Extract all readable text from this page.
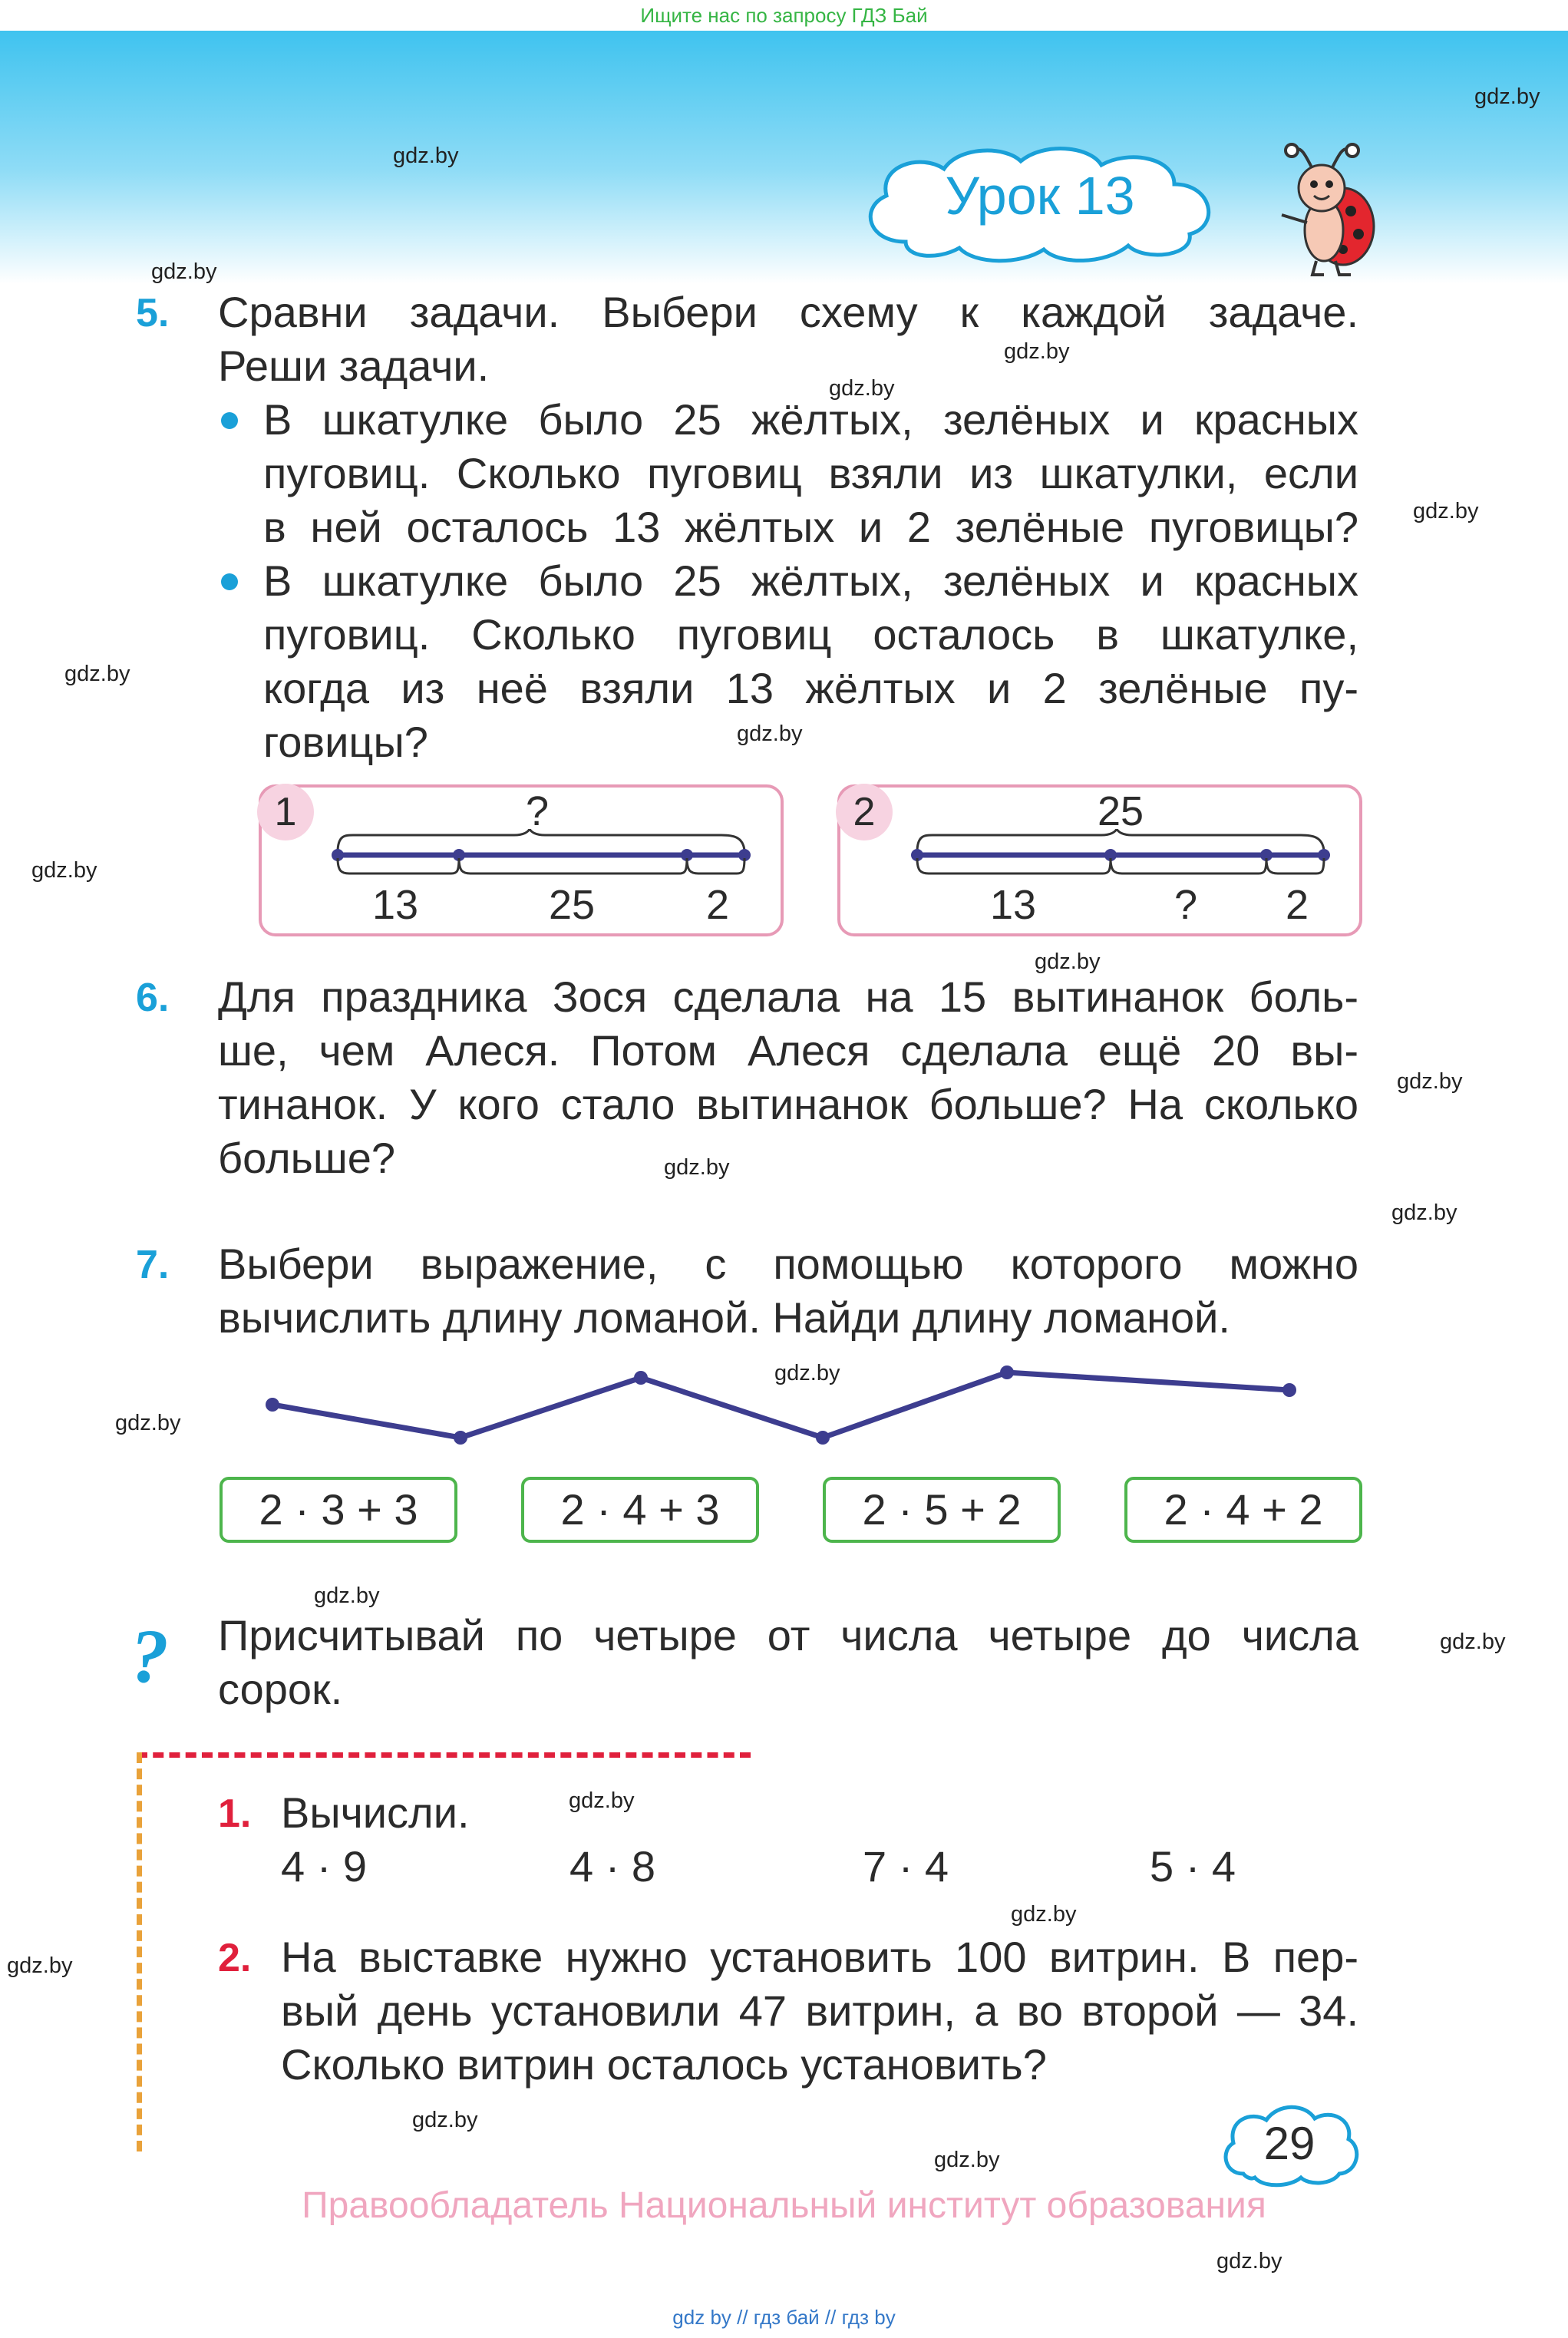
Ищите нас по запросу ГДЗ Бай
Урок 13
gdz.by
gdz.by
gdz.by
gdz.by
gdz.by
gdz.by
gdz.by
gdz.by
gdz.by
gdz.by
gdz.by
gdz.by
gdz.by
gdz.by
gdz.by
gdz.by
gdz.by
gdz.by
gdz.by
gdz.by
gdz.by
gdz.by
gdz.by
5. Сравни задачи. Выбери схему к каждой задаче.
Реши задачи.
В шкатулке было 25 жёлтых, зелёных и красных
пуговиц. Сколько пуговиц взяли из шкатулки, если
в ней осталось 13 жёлтых и 2 зелёные пуговицы?
В шкатулке было 25 жёлтых, зелёных и красных
пуговиц. Сколько пуговиц осталось в шкатулке,
когда из неё взяли 13 жёлтых и 2 зелёные пу-
говицы?
1	?
13	25	2
2	25
13	?	2
6. Для праздника Зося сделала на 15 вытинанок боль-
ше, чем Алеся. Потом Алеся сделала ещё 20 вы-
тинанок. У кого стало вытинанок больше? На сколько
больше?
7. Выбери выражение, с помощью которого можно
вычислить длину ломаной. Найди длину ломаной.
2 · 3 + 3	2 · 4 + 3	2 · 5 + 2	2 · 4 + 2
? Присчитывай по четыре от числа четыре до числа
сорок.
1. Вычисли.
4 · 9	4 · 8	7 · 4	5 · 4
2. На выставке нужно установить 100 витрин. В пер-
вый день установили 47 витрин, а во второй — 34.
Сколько витрин осталось установить?
29
Правообладатель Национальный институт образования
gdz by // гдз бай // гдз by
